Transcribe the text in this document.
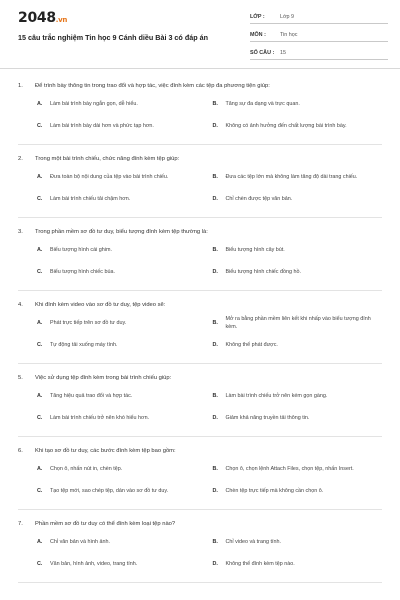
2048.vn
15 câu trắc nghiệm Tin học 9 Cánh diều Bài 3 có đáp án
LỚP :	Lớp 9
MÔN :	Tin học
SỐ CÂU :	15
1.	Để trình bày thông tin trong trao đổi và hợp tác, việc đính kèm các tệp đa phương tiện giúp:
A.	Làm bài trình bày ngắn gọn, dễ hiểu.	B.	Tăng sự đa dạng và trực quan.
C.	Làm bài trình bày dài hơn và phức tạp hơn.	D.	Không có ảnh hưởng đến chất lượng bài trình bày.
2.	Trong một bài trình chiếu, chức năng đính kèm tệp giúp:
A.	Đưa toàn bộ nội dung của tệp vào bài trình chiếu.	B.	Đưa các tệp lớn mà không làm tăng độ dài trang chiếu.
C.	Làm bài trình chiếu tải chậm hơn.	D.	Chỉ chèn được tệp văn bản.
3.	Trong phần mềm sơ đồ tư duy, biểu tượng đính kèm tệp thường là:
A.	Biểu tượng hình cái ghim.	B.	Biểu tượng hình cây bút.
C.	Biểu tượng hình chiếc búa.	D.	Biểu tượng hình chiếc đồng hồ.
4.	Khi đính kèm video vào sơ đồ tư duy, tệp video sẽ:
A.	Phát trực tiếp trên sơ đồ tư duy.	B.
Mở ra bằng phần mềm liên kết khi nhấp vào biểu tượng đính kèm.
C.	Tự động tải xuống máy tính.	D.	Không thể phát được.
5.	Việc sử dụng tệp đính kèm trong bài trình chiếu giúp:
A.	Tăng hiệu quả trao đổi và hợp tác.	B.	Làm bài trình chiếu trở nên kém gọn gàng.
C.	Làm bài trình chiếu trở nên khó hiểu hơn.	D.	Giảm khả năng truyền tải thông tin.
6.	Khi tạo sơ đồ tư duy, các bước đính kèm tệp bao gồm:
A.	Chọn ô, nhấn nút in, chèn tệp.	B.	Chọn ô, chọn lệnh Attach Files, chọn tệp, nhấn Insert.
C.	Tạo tệp mới, sao chép tệp, dán vào sơ đồ tư duy.	D.	Chèn tệp trực tiếp mà không cần chọn ô.
7.	Phần mềm sơ đồ tư duy có thể đính kèm loại tệp nào?
A.	Chỉ văn bản và hình ảnh.	B.	Chỉ video và trang tính.
C.	Văn bản, hình ảnh, video, trang tính.	D.	Không thể đính kèm tệp nào.
